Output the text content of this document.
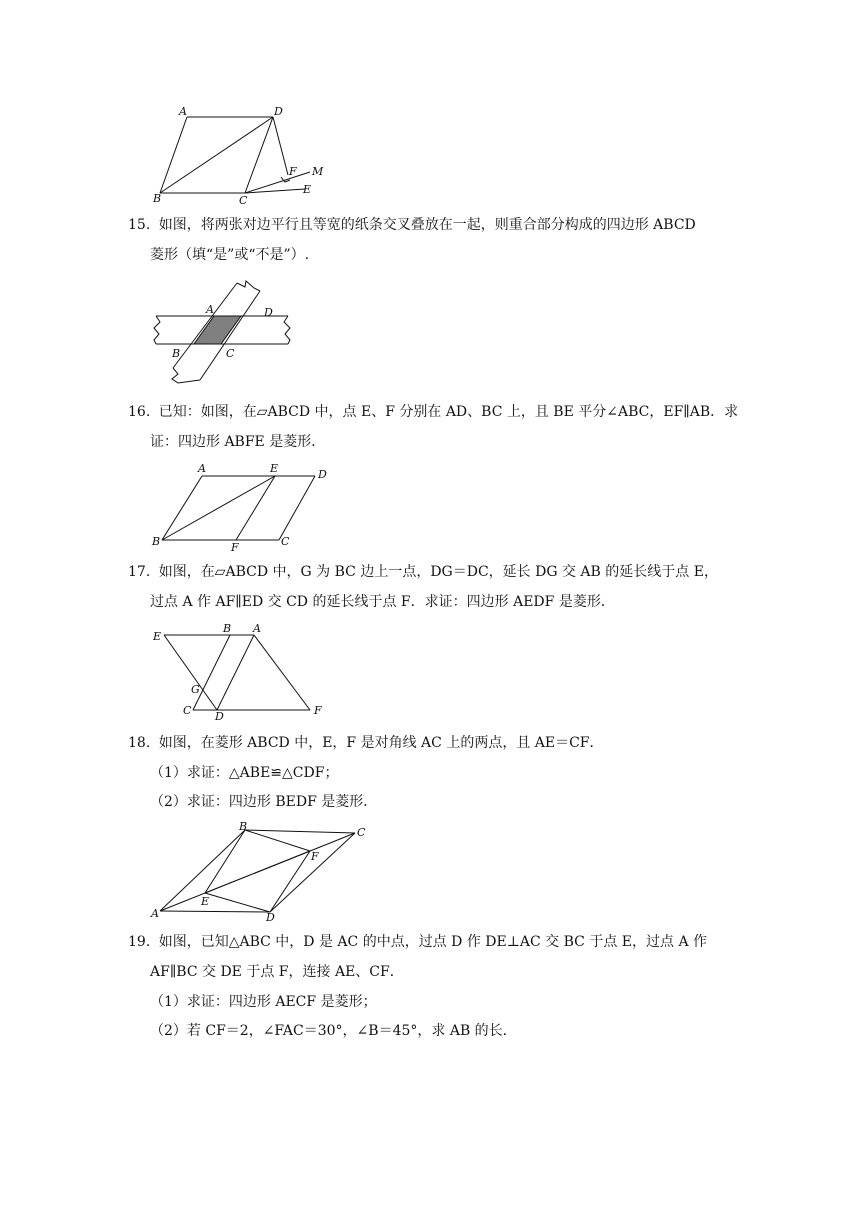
A	D
F M
B	C
E
15. 如图，将两张对边平行且等宽的纸条交叉叠放在一起，则重合部分构成的四边形 ABCD
菱形（填“是”或“不是”）.
A	D
B	C
16. 已知：如图，在▱ABCD 中，点 E、F 分别在 AD、BC 上，且 BE 平分∠ABC，EF∥AB．求
证：四边形 ABFE 是菱形．
A	E	D
B	F	C
17. 如图，在▱ABCD 中，G 为 BC 边上一点，DG＝DC，延长 DG 交 AB 的延长线于点 E，
过点 A 作 AF∥ED 交 CD 的延长线于点 F．求证：四边形 AEDF 是菱形．
E
B A
G
C D	F
18. 如图，在菱形 ABCD 中，E，F 是对角线 AC 上的两点，且 AE＝CF．
（1）求证：△ABE≌△CDF；
（2）求证：四边形 BEDF 是菱形．
B	C
F
E
A	D
19. 如图，已知△ABC 中，D 是 AC 的中点，过点 D 作 DE⊥AC 交 BC 于点 E，过点 A 作
AF∥BC 交 DE 于点 F，连接 AE、CF．
（1）求证：四边形 AECF 是菱形；
（2）若 CF＝2，∠FAC＝30°，∠B＝45°，求 AB 的长．
